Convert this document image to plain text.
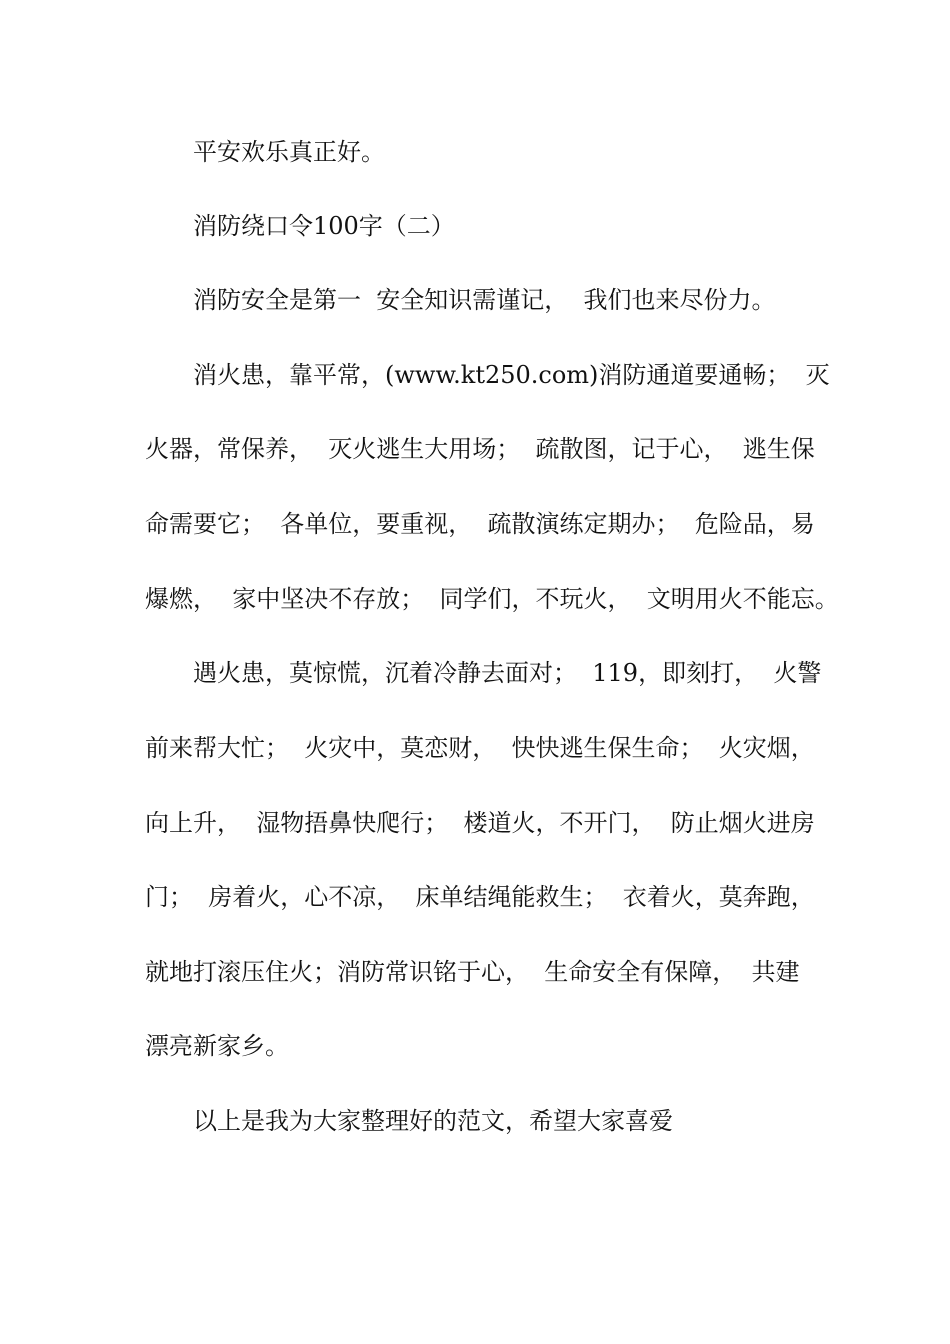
平安欢乐真正好。
消防绕口令100字（二）
消防安全是第一  安全知识需谨记，  我们也来尽份力。
消火患，靠平常，(www.kt250.com)消防通道要通畅；  灭
火器，常保养，  灭火逃生大用场；  疏散图，记于心，  逃生保
命需要它；  各单位，要重视，  疏散演练定期办；  危险品，易
爆燃，  家中坚决不存放；  同学们，不玩火，  文明用火不能忘。
遇火患，莫惊慌，沉着冷静去面对；  119，即刻打，  火警
前来帮大忙；  火灾中，莫恋财，  快快逃生保生命；  火灾烟，
向上升，  湿物捂鼻快爬行；  楼道火，不开门，  防止烟火进房
门；  房着火，心不凉，  床单结绳能救生；  衣着火，莫奔跑，
就地打滚压住火；消防常识铭于心，  生命安全有保障，  共建
漂亮新家乡。
以上是我为大家整理好的范文，希望大家喜爱
